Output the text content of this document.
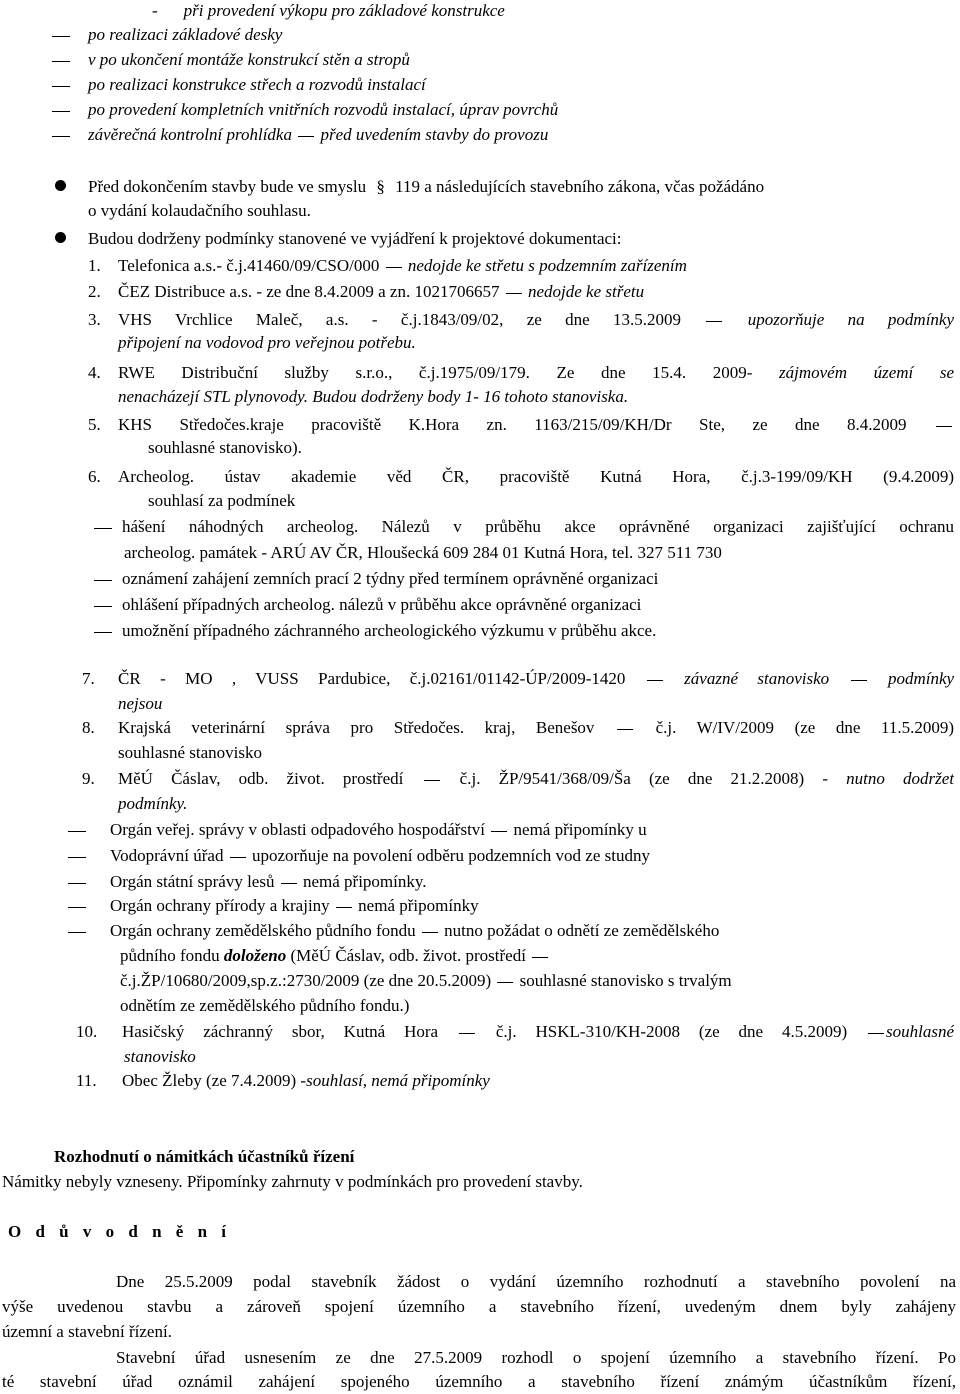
- při provedení výkopu pro základové konstrukce
po realizaci základové desky
v po ukončení montáže konstrukcí stěn a stropů
po realizaci konstrukce střech a rozvodů instalací
po provedení kompletních vnitřních rozvodů instalací, úprav povrchů
závěrečná kontrolní prohlídka před uvedením stavby do provozu
Před dokončením stavby bude ve smyslu § 119 a následujících stavebního zákona, včas požádáno
o vydání kolaudačního souhlasu.
Budou dodrženy podmínky stanovené ve vyjádření k projektové dokumentaci:
1. Telefonica a.s.- č.j.41460/09/CSO/000 nedojde ke střetu s podzemním zařízením
2. ČEZ Distribuce a.s. - ze dne 8.4.2009 a zn. 1021706657 nedojde ke střetu
3. VHS Vrchlice Maleč, a.s. - č.j.1843/09/02, ze dne 13.5.2009	upozorňuje na podmínky
připojení na vodovod pro veřejnou potřebu.
4. RWE Distribuční služby s.r.o., č.j.1975/09/179. Ze dne 15.4. 2009- zájmovém území se
nenacházejí STL plynovody. Budou dodrženy body 1- 16 tohoto stanoviska.
5. KHS Středočes.kraje pracoviště K.Hora zn. 1163/215/09/KH/Dr Ste, ze dne 8.4.2009
souhlasné stanovisko).
6. Archeolog. ústav akademie věd ČR, pracoviště Kutná Hora, č.j.3-199/09/KH (9.4.2009)
souhlasí za podmínek
hášení náhodných archeolog. Nálezů v průběhu akce oprávněné organizaci zajišťující ochranu
archeolog. památek - ARÚ AV ČR, Hloušecká 609 284 01 Kutná Hora, tel. 327 511 730
oznámení zahájení zemních prací 2 týdny před termínem oprávněné organizaci
ohlášení případných archeolog. nálezů v průběhu akce oprávněné organizaci
umožnění případného záchranného archeologického výzkumu v průběhu akce.
7. ČR - MO , VUSS Pardubice, č.j.02161/01142-ÚP/2009-1420	závazné stanovisko	podmínky
nejsou
8. Krajská veterinární správa pro Středočes. kraj, Benešov	č.j. W/IV/2009 (ze dne 11.5.2009)
souhlasné stanovisko
9. MěÚ Čáslav, odb. život. prostředí	č.j. ŽP/9541/368/09/Ša (ze dne 21.2.2008) - nutno dodržet
podmínky.
Orgán veřej. správy v oblasti odpadového hospodářství nemá připomínky u
Vodoprávní úřad upozorňuje na povolení odběru podzemních vod ze studny
Orgán státní správy lesů nemá připomínky.
Orgán ochrany přírody a krajiny nemá připomínky
Orgán ochrany zemědělského půdního fondu nutno požádat o odnětí ze zemědělského
půdního fondu doloženo (MěÚ Čáslav, odb. život. prostředí
č.j.ŽP/10680/2009,sp.z.:2730/2009 (ze dne 20.5.2009) souhlasné stanovisko s trvalým
odnětím ze zemědělského půdního fondu.)
10. Hasičský záchranný sbor, Kutná Hora	č.j. HSKL-310/KH-2008 (ze dne 4.5.2009) souhlasné
stanovisko
11. Obec Žleby (ze 7.4.2009) -souhlasí, nemá připomínky
Rozhodnutí o námitkách účastníků řízení
Námitky nebyly vzneseny. Připomínky zahrnuty v podmínkách pro provedení stavby.
O d ů v o d n ě n í
Dne 25.5.2009 podal stavebník žádost o vydání územního rozhodnutí a stavebního povolení na
výše uvedenou stavbu a zároveň spojení územního a stavebního řízení, uvedeným dnem byly zahájeny
územní a stavební řízení.
Stavební úřad usnesením ze dne 27.5.2009 rozhodl o spojení územního a stavebního řízení. Po
té stavební úřad oznámil zahájení spojeného územního a stavebního řízení známým účastníkům řízení,
